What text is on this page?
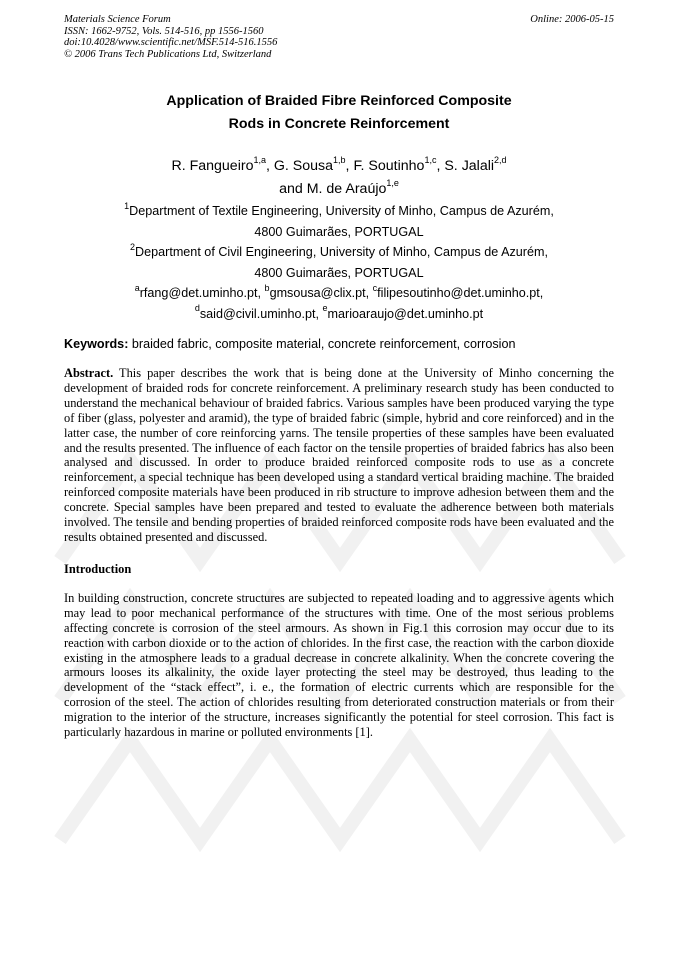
Materials Science Forum
ISSN: 1662-9752, Vols. 514-516, pp 1556-1560
doi:10.4028/www.scientific.net/MSF.514-516.1556
© 2006 Trans Tech Publications Ltd, Switzerland
Online: 2006-05-15
Application of Braided Fibre Reinforced Composite
Rods in Concrete Reinforcement
R. Fangueiro$^{1,a}$, G. Sousa$^{1,b}$, F. Soutinho$^{1,c}$, S. Jalali$^{2,d}$
and M. de Araújo$^{1,e}$
$^1$Department of Textile Engineering, University of Minho, Campus de Azurém,
4800 Guimarães, PORTUGAL
$^2$Department of Civil Engineering, University of Minho, Campus de Azurém,
4800 Guimarães, PORTUGAL
$^a$rfang@det.uminho.pt, $^b$gmsousa@clix.pt, $^c$filipesoutinho@det.uminho.pt,
$^d$said@civil.uminho.pt, $^e$marioaraujo@det.uminho.pt
Keywords: braided fabric, composite material, concrete reinforcement, corrosion
Abstract. This paper describes the work that is being done at the University of Minho concerning the development of braided rods for concrete reinforcement. A preliminary research study has been conducted to understand the mechanical behaviour of braided fabrics. Various samples have been produced varying the type of fiber (glass, polyester and aramid), the type of braided fabric (simple, hybrid and core reinforced) and in the latter case, the number of core reinforcing yarns. The tensile properties of these samples have been evaluated and the results presented. The influence of each factor on the tensile properties of braided fabrics has also been analysed and discussed. In order to produce braided reinforced composite rods to use as a concrete reinforcement, a special technique has been developed using a standard vertical braiding machine. The braided reinforced composite materials have been produced in rib structure to improve adhesion between them and the concrete. Special samples have been prepared and tested to evaluate the adherence between both materials involved. The tensile and bending properties of braided reinforced composite rods have been evaluated and the results obtained presented and discussed.
Introduction
In building construction, concrete structures are subjected to repeated loading and to aggressive agents which may lead to poor mechanical performance of the structures with time. One of the most serious problems affecting concrete is corrosion of the steel armours. As shown in Fig.1 this corrosion may occur due to its reaction with carbon dioxide or to the action of chlorides. In the first case, the reaction with the carbon dioxide existing in the atmosphere leads to a gradual decrease in concrete alkalinity. When the concrete covering the armours looses its alkalinity, the oxide layer protecting the steel may be destroyed, thus leading to the development of the “stack effect”, i. e., the formation of electric currents which are responsible for the corrosion of the steel. The action of chlorides resulting from deteriorated construction materials or from their migration to the interior of the structure, increases significantly the potential for steel corrosion. This fact is particularly hazardous in marine or polluted environments [1].
